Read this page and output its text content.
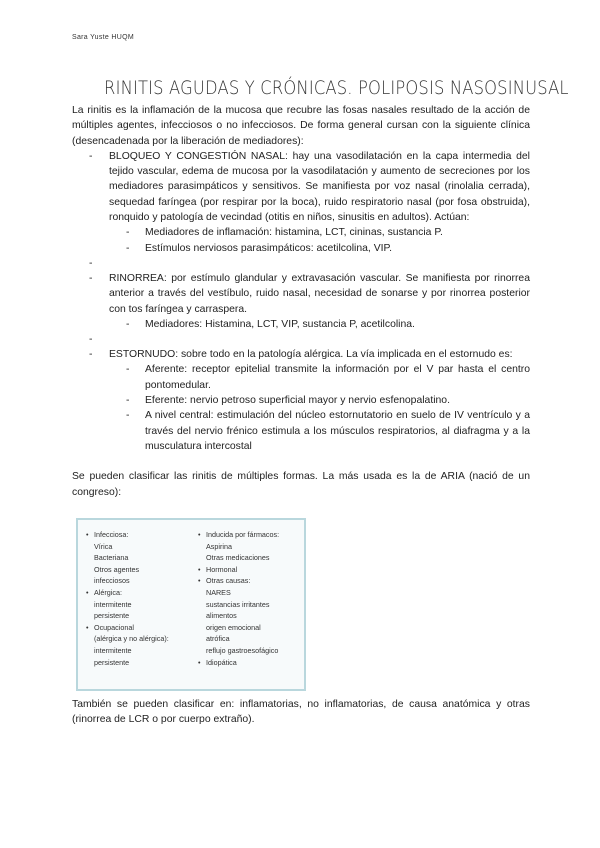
Sara Yuste HUQM
RINITIS AGUDAS Y CRÓNICAS. POLIPOSIS NASOSINUSAL

La rinitis es la inflamación de la mucosa que recubre las fosas nasales resultado de la acción de múltiples agentes, infecciosos o no infecciosos. De forma general cursan con la siguiente clínica (desencadenada por la liberación de mediadores):

- BLOQUEO Y CONGESTIÓN NASAL: hay una vasodilatación en la capa intermedia del tejido vascular, edema de mucosa por la vasodilatación y aumento de secreciones por los mediadores parasimpáticos y sensitivos. Se manifiesta por voz nasal (rinolalia cerrada), sequedad faríngea (por respirar por la boca), ruido respiratorio nasal (por fosa obstruida), ronquido y patología de vecindad (otitis en niños, sinusitis en adultos). Actúan:
- Mediadores de inflamación: histamina, LCT, cininas, sustancia P.
- Estímulos nerviosos parasimpáticos: acetilcolina, VIP.
-
- RINORREA: por estímulo glandular y extravasación vascular. Se manifiesta por rinorrea anterior a través del vestíbulo, ruido nasal, necesidad de sonarse y por rinorrea posterior con tos faríngea y carraspera.
- Mediadores: Histamina, LCT, VIP, sustancia P, acetilcolina.
-
- ESTORNUDO: sobre todo en la patología alérgica. La vía implicada en el estornudo es:
- Aferente: receptor epitelial transmite la información por el V par hasta el centro pontomedular.
- Eferente: nervio petroso superficial mayor y nervio esfenopalatino.
- A nivel central: estimulación del núcleo estornutatorio en suelo de IV ventrículo y a través del nervio frénico estimula a los músculos respiratorios, al diafragma y a la musculatura intercostal

Se pueden clasificar las rinitis de múltiples formas. La más usada es la de ARIA (nació de un congreso):

• Infecciosa:
Vírica
Bacteriana
Otros agentes
infecciosos
• Alérgica:
intermitente
persistente
• Ocupacional
(alérgica y no alérgica):
intermitente
persistente
• Inducida por fármacos:
Aspirina
Otras medicaciones
• Hormonal
• Otras causas:
NARES
sustancias irritantes
alimentos
origen emocional
atrófica
reflujo gastroesofágico
• Idiopática

También se pueden clasificar en: inflamatorias, no inflamatorias, de causa anatómica y otras (rinorrea de LCR o por cuerpo extraño).
